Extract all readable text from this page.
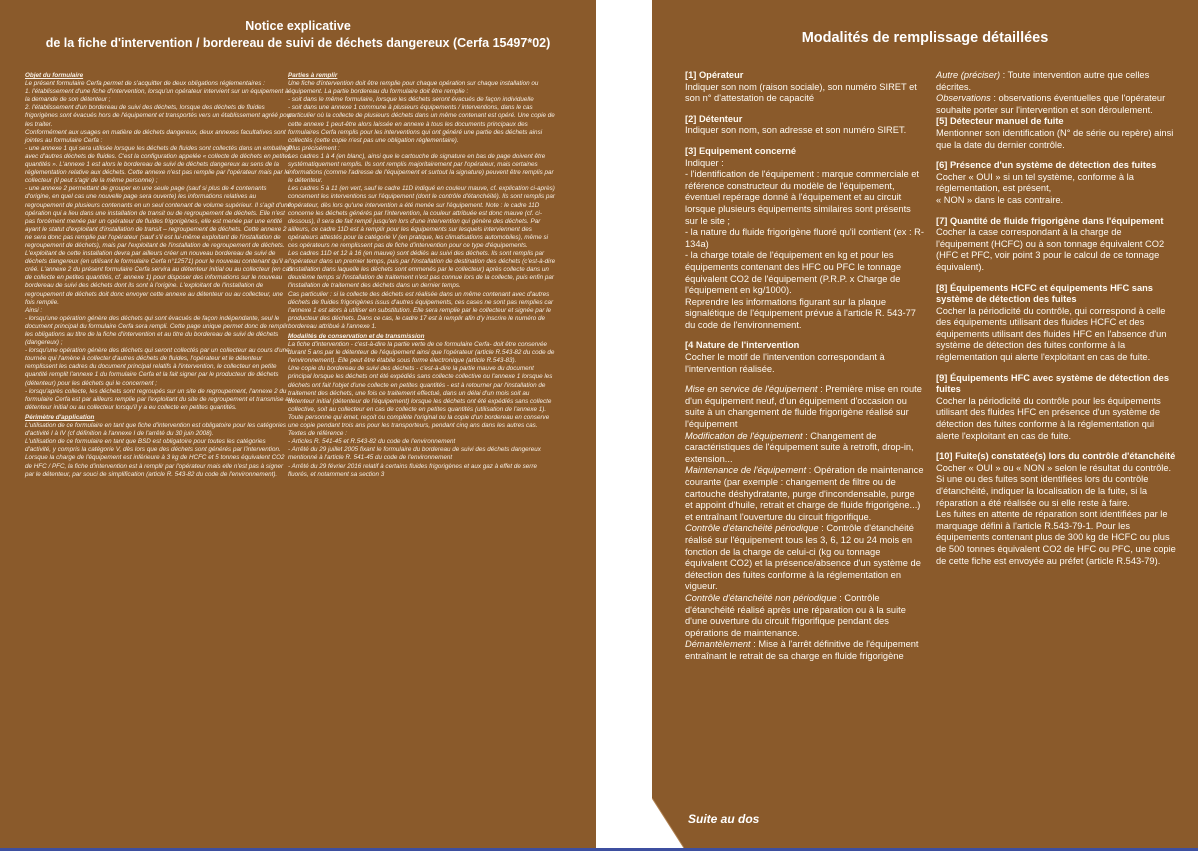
Notice explicative
de la fiche d'intervention / bordereau de suivi de déchets dangereux (Cerfa 15497*02)

Objet du formulaire

Le présent formulaire Cerfa permet de s'acquitter de deux obligations réglementaires :

1. l'établissement d'une fiche d'intervention, lorsqu'un opérateur intervient sur un équipement à la demande de son détenteur ;

2. l'établissement d'un bordereau de suivi des déchets, lorsque des déchets de fluides frigorigènes sont évacués hors de l'équipement et transportés vers un établissement agréé pour les traiter.

Conformément aux usages en matière de déchets dangereux, deux annexes facultatives sont jointes au formulaire Cerfa :

- une annexe 1 qui sera utilisée lorsque les déchets de fluides sont collectés dans un emballage avec d'autres déchets de fluides. C'est la configuration appelée « collecte de déchets en petites quantités ». L'annexe 1 est alors le bordereau de suivi de déchets dangereux au sens de la réglementation relative aux déchets. Cette annexe n'est pas remplie par l'opérateur mais par le collecteur (il peut s'agir de la même personne) ;

- une annexe 2 permettant de grouper en une seule page (sauf si plus de 4 contenants d'origine, en quel cas une nouvelle page sera ouverte) les informations relatives au regroupement de plusieurs contenants en un seul contenant de volume supérieur. Il s'agit d'une opération qui a lieu dans une installation de transit ou de regroupement de déchets. Elle n'est pas forcément menée par un opérateur de fluides frigorigènes, elle est menée par une entité ayant le statut d'exploitant d'installation de transit – regroupement de déchets. Cette annexe 2 ne sera donc pas remplie par l'opérateur (sauf s'il est lui-même exploitant de l'installation de regroupement de déchets), mais par l'exploitant de l'installation de regroupement de déchets. L'exploitant de cette installation devra par ailleurs créer un nouveau bordereau de suivi de déchets dangereux (en utilisant le formulaire Cerfa n°12571) pour le nouveau contenant qu'il a créé. L'annexe 2 du présent formulaire Cerfa servira au détenteur initial ou au collecteur (en cas de collecte en petites quantités, cf. annexe 1) pour disposer des informations sur le nouveau bordereau de suivi des déchets dont ils sont à l'origine. L'exploitant de l'installation de regroupement de déchets doit donc envoyer cette annexe au détenteur ou au collecteur, une fois remplie.

Ainsi :

- lorsqu'une opération génère des déchets qui sont évacués de façon indépendante, seul le document principal du formulaire Cerfa sera rempli. Cette page unique permet donc de remplir les obligations au titre de la fiche d'intervention et au titre du bordereau de suivi de déchets (dangereux) ;

- lorsqu'une opération génère des déchets qui seront collectés par un collecteur au cours d'une tournée qui l'amène à collecter d'autres déchets de fluides, l'opérateur et le détenteur remplissent les cadres du document principal relatifs à l'intervention, le collecteur en petite quantité remplit l'annexe 1 du formulaire Cerfa et la fait signer par le producteur de déchets (détenteur) pour les déchets qui le concernent ;

- lorsqu'après collecte, les déchets sont regroupés sur un site de regroupement, l'annexe 2 du formulaire Cerfa est par ailleurs remplie par l'exploitant du site de regroupement et transmise au détenteur initial ou au collecteur lorsqu'il y a eu collecte en petites quantités.

Périmètre d'application

L'utilisation de ce formulaire en tant que fiche d'intervention est obligatoire pour les catégories d'activité I à IV (cf définition à l'annexe I de l'arrêté du 30 juin 2008).

L'utilisation de ce formulaire en tant que BSD est obligatoire pour toutes les catégories d'activité, y compris la catégorie V, dès lors que des déchets sont générés par l'intervention.

Lorsque la charge de l'équipement est inférieure à 3 kg de HCFC et 5 tonnes équivalent CO2 de HFC / PFC, la fiche d'intervention est à remplir par l'opérateur mais elle n'est pas à signer par le détenteur, par souci de simplification (article R. 543-82 du code de l'environnement).

Parties à remplir

Une fiche d'intervention doit être remplie pour chaque opération sur chaque installation ou équipement. La partie bordereau du formulaire doit être remplie :

- soit dans le même formulaire, lorsque les déchets seront évacués de façon individuelle

- soit dans une annexe 1 commune à plusieurs équipements / interventions, dans le cas particulier où la collecte de plusieurs déchets dans un même contenant est opéré. Une copie de cette annexe 1 peut-être alors laissée en annexe à tous les documents principaux des formulaires Cerfa remplis pour les interventions qui ont généré une partie des déchets ainsi collectés (cette copie n'est pas une obligation réglementaire).

Plus précisément :

Les cadres 1 à 4 (en blanc), ainsi que le cartouche de signature en bas de page doivent être systématiquement remplis. Ils sont remplis majoritairement par l'opérateur, mais certaines informations (comme l'adresse de l'équipement et surtout la signature) peuvent être remplis par le détenteur.

Les cadres 5 à 11 (en vert, sauf le cadre 11D indiqué en couleur mauve, cf. explication ci-après) concernent les interventions sur l'équipement (dont le contrôle d'étanchéité). Ils sont remplis par l'opérateur, dès lors qu'une intervention a été menée sur l'équipement. Note : le cadre 11D concerne les déchets générés par l'intervention, la couleur attribuée est donc mauve (cf. ci-dessous), il sera de fait rempli jusqu'en lors d'une intervention qui génère des déchets. Par ailleurs, ce cadre 11D est à remplir pour les équipements sur lesquels interviennent des opérateurs attestés pour la catégorie V (en pratique, les climatisations automobiles), même si ces opérateurs ne remplissent pas de fiche d'intervention pour ce type d'équipements.

Les cadres 11D et 12 à 16 (en mauve) sont dédiés au suivi des déchets. Ils sont remplis par l'opérateur dans un premier temps, puis par l'installation de destination des déchets (c'est-à-dire l'installation dans laquelle les déchets sont emmenés par le collecteur) après collecte dans un deuxième temps si l'installation de traitement n'est pas connue lors de la collecte, puis enfin par l'installation de traitement des déchets dans un dernier temps.

Cas particulier : si la collecte des déchets est réalisée dans un même contenant avec d'autres déchets de fluides frigorigènes issus d'autres équipements, ces cases ne sont pas remplies car l'annexe 1 est alors à utiliser en substitution. Elle sera remplie par le collecteur et signée par le producteur des déchets. Dans ce cas, le cadre 17 est à remplir afin d'y inscrire le numéro de bordereau attribué à l'annexe 1.

Modalités de conservation et de transmission

La fiche d'intervention - c'est-à-dire la partie verte de ce formulaire Cerfa- doit être conservée durant 5 ans par le détenteur de l'équipement ainsi que l'opérateur (article R.543-82 du code de l'environnement). Elle peut être établie sous forme électronique (article R.543-83).

Une copie du bordereau de suivi des déchets - c'est-à-dire la partie mauve du document principal lorsque les déchets ont été expédiés sans collecte collective ou l'annexe 1 lorsque les déchets ont fait l'objet d'une collecte en petites quantités - est à retourner par l'installation de traitement des déchets, une fois ce traitement effectué, dans un délai d'un mois soit au détenteur initial (détenteur de l'équipement) lorsque les déchets ont été expédiés sans collecte collective, soit au collecteur en cas de collecte en petites quantités (utilisation de l'annexe 1). Toute personne qui émet, reçoit ou complète l'original ou la copie d'un bordereau en conserve une copie pendant trois ans pour les transporteurs, pendant cinq ans dans les autres cas.

Textes de référence :

- Articles R. 541-45 et R.543-82 du code de l'environnement

- Arrêté du 29 juillet 2005 fixant le formulaire du bordereau de suivi des déchets dangereux mentionné à l'article R. 541-45 du code de l'environnement

- Arrêté du 29 février 2016 relatif à certains fluides frigorigènes et aux gaz à effet de serre fluorés, et notamment sa section 3

Modalités de remplissage détaillées
[1] Opérateur
Indiquer son nom (raison sociale), son numéro SIRET et son n° d'attestation de capacité
[2] Détenteur
Indiquer son nom, son adresse et son numéro SIRET.
[3] Equipement concerné
Indiquer :
- l'identification de l'équipement : marque commerciale et référence constructeur du modèle de l'équipement, éventuel repérage donné à l'équipement et au circuit lorsque plusieurs équipements similaires sont présents sur le site ;
- la nature du fluide frigorigène fluoré qu'il contient (ex : R-134a)
- la charge totale de l'équipement en kg et pour les équipements contenant des HFC ou PFC le tonnage équivalent CO2 de l'équipement (P.R.P. x Charge de l'équipement en kg/1000).
Reprendre les informations figurant sur la plaque signalétique de l'équipement prévue à l'article R. 543-77 du code de l'environnement.
[4 Nature de l'intervention
Cocher le motif de l'intervention correspondant à l'intervention réalisée.
Mise en service de l'équipement : Première mise en route d'un équipement neuf, d'un équipement d'occasion ou suite à un changement de fluide frigorigène réalisé sur l'équipement
Modification de l'équipement : Changement de caractéristiques de l'équipement suite à retrofit, drop-in, extension...
Maintenance de l'équipement : Opération de maintenance courante (par exemple : changement de filtre ou de cartouche déshydratante, purge d'incondensable, purge et appoint d'huile, retrait et charge de fluide frigorigène...) et entraînant l'ouverture du circuit frigorifique.
Contrôle d'étanchéité périodique : Contrôle d'étanchéité réalisé sur l'équipement tous les 3, 6, 12 ou 24 mois en fonction de la charge de celui-ci (kg ou tonnage équivalent CO2) et la présence/absence d'un système de détection des fuites conforme à la réglementation en vigueur.
Contrôle d'étanchéité non périodique : Contrôle d'étanchéité réalisé après une réparation ou à la suite d'une ouverture du circuit frigorifique pendant des opérations de maintenance.
Démantèlement : Mise à l'arrêt définitive de l'équipement entraînant le retrait de sa charge en fluide frigorigène
Autre (préciser) : Toute intervention autre que celles décrites.
Observations : observations éventuelles que l'opérateur souhaite porter sur l'intervention et son déroulement.
[5] Détecteur manuel de fuite
Mentionner son identification (N° de série ou repère) ainsi que la date du dernier contrôle.
[6] Présence d'un système de détection des fuites
Cocher « OUI » si un tel système, conforme à la réglementation, est présent,
« NON » dans le cas contraire.
[7] Quantité de fluide frigorigène dans l'équipement
Cocher la case correspondant à la charge de l'équipement (HCFC) ou à son tonnage équivalent CO2 (HFC et PFC, voir point 3 pour le calcul de ce tonnage équivalent).
[8] Équipements HCFC et équipements HFC sans système de détection des fuites
Cocher la périodicité du contrôle, qui correspond à celle des équipements utilisant des fluides HCFC et des équipements utilisant des fluides HFC en l'absence d'un système de détection des fuites conforme à la réglementation qui alerte l'exploitant en cas de fuite.
[9] Équipements HFC avec système de détection des fuites
Cocher la périodicité du contrôle pour les équipements utilisant des fluides HFC en présence d'un système de détection des fuites conforme à la réglementation qui alerte l'exploitant en cas de fuite.
[10] Fuite(s) constatée(s) lors du contrôle d'étanchéité
Cocher « OUI » ou « NON » selon le résultat du contrôle.
Si une ou des fuites sont identifiées lors du contrôle d'étanchéité, indiquer la localisation de la fuite, si la réparation a été réalisée ou si elle reste à faire.
Les fuites en attente de réparation sont identifiées par le marquage défini à l'article R.543-79-1. Pour les équipements contenant plus de 300 kg de HCFC ou plus de 500 tonnes équivalent CO2 de HFC ou PFC, une copie de cette fiche est envoyée au préfet (article R.543-79).
Suite au dos
